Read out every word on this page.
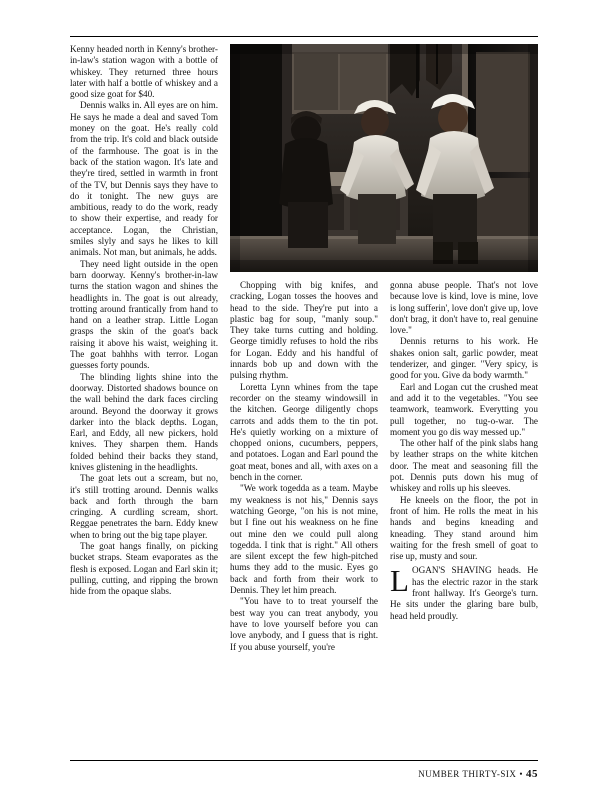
Kenny headed north in Kenny's brother-in-law's station wagon with a bottle of whiskey. They returned three hours later with half a bottle of whiskey and a good size goat for $40.

Dennis walks in. All eyes are on him. He says he made a deal and saved Tom money on the goat. He's really cold from the trip. It's cold and black outside of the farmhouse. The goat is in the back of the station wagon. It's late and they're tired, settled in warmth in front of the TV, but Dennis says they have to do it tonight. The new guys are ambitious, ready to do the work, ready to show their expertise, and ready for acceptance. Logan, the Christian, smiles slyly and says he likes to kill animals. Not man, but animals, he adds.

They need light outside in the open barn doorway. Kenny's brother-in-law turns the station wagon and shines the headlights in. The goat is out already, trotting around frantically from hand to hand on a leather strap. Little Logan grasps the skin of the goat's back raising it above his waist, weighing it. The goat bahhhs with terror. Logan guesses forty pounds.

The blinding lights shine into the doorway. Distorted shadows bounce on the wall behind the dark faces circling around. Beyond the doorway it grows darker into the black depths. Logan, Earl, and Eddy, all new pickers, hold knives. They sharpen them. Hands folded behind their backs they stand, knives glistening in the headlights.

The goat lets out a scream, but no, it's still trotting around. Dennis walks back and forth through the barn cringing. A curdling scream, short. Reggae penetrates the barn. Eddy knew when to bring out the big tape player.

The goat hangs finally, on picking bucket straps. Steam evaporates as the flesh is exposed. Logan and Earl skin it; pulling, cutting, and ripping the brown hide from the opaque slabs.

Chopping with big knifes, and cracking, Logan tosses the hooves and head to the side. They're put into a plastic bag for soup, "manly soup." They take turns cutting and holding. George timidly refuses to hold the ribs for Logan. Eddy and his handful of innards bob up and down with the pulsing rhythm.

Loretta Lynn whines from the tape recorder on the steamy windowsill in the kitchen. George diligently chops carrots and adds them to the tin pot. He's quietly working on a mixture of chopped onions, cucumbers, peppers, and potatoes. Logan and Earl pound the goat meat, bones and all, with axes on a bench in the corner.

"We work togedda as a team. Maybe my weakness is not his," Dennis says watching George, "on his is not mine, but I fine out his weakness on he fine out mine den we could pull along togedda. I tink that is right." All others are silent except the few high-pitched hums they add to the music. Eyes go back and forth from their work to Dennis. They let him preach.

"You have to to treat yourself the best way you can treat anybody, you have to love yourself before you can love anybody, and I guess that is right. If you abuse yourself, you're

gonna abuse people. That's not love because love is kind, love is mine, love is long sufferin', love don't give up, love don't brag, it don't have to, real genuine love."

Dennis returns to his work. He shakes onion salt, garlic powder, meat tenderizer, and ginger. "Very spicy, is good for you. Give da body warmth."

Earl and Logan cut the crushed meat and add it to the vegetables. "You see teamwork, teamwork. Everytting you pull together, no tug-o-war. The moment you go dis way messed up."

The other half of the pink slabs hang by leather straps on the white kitchen door. The meat and seasoning fill the pot. Dennis puts down his mug of whiskey and rolls up his sleeves.

He kneels on the floor, the pot in front of him. He rolls the meat in his hands and begins kneading and kneading. They stand around him waiting for the fresh smell of goat to rise up, musty and sour.

LOGAN'S SHAVING heads. He has the electric razor in the stark front hallway. It's George's turn. He sits under the glaring bare bulb, head held proudly.

NUMBER THIRTY-SIX • 45
